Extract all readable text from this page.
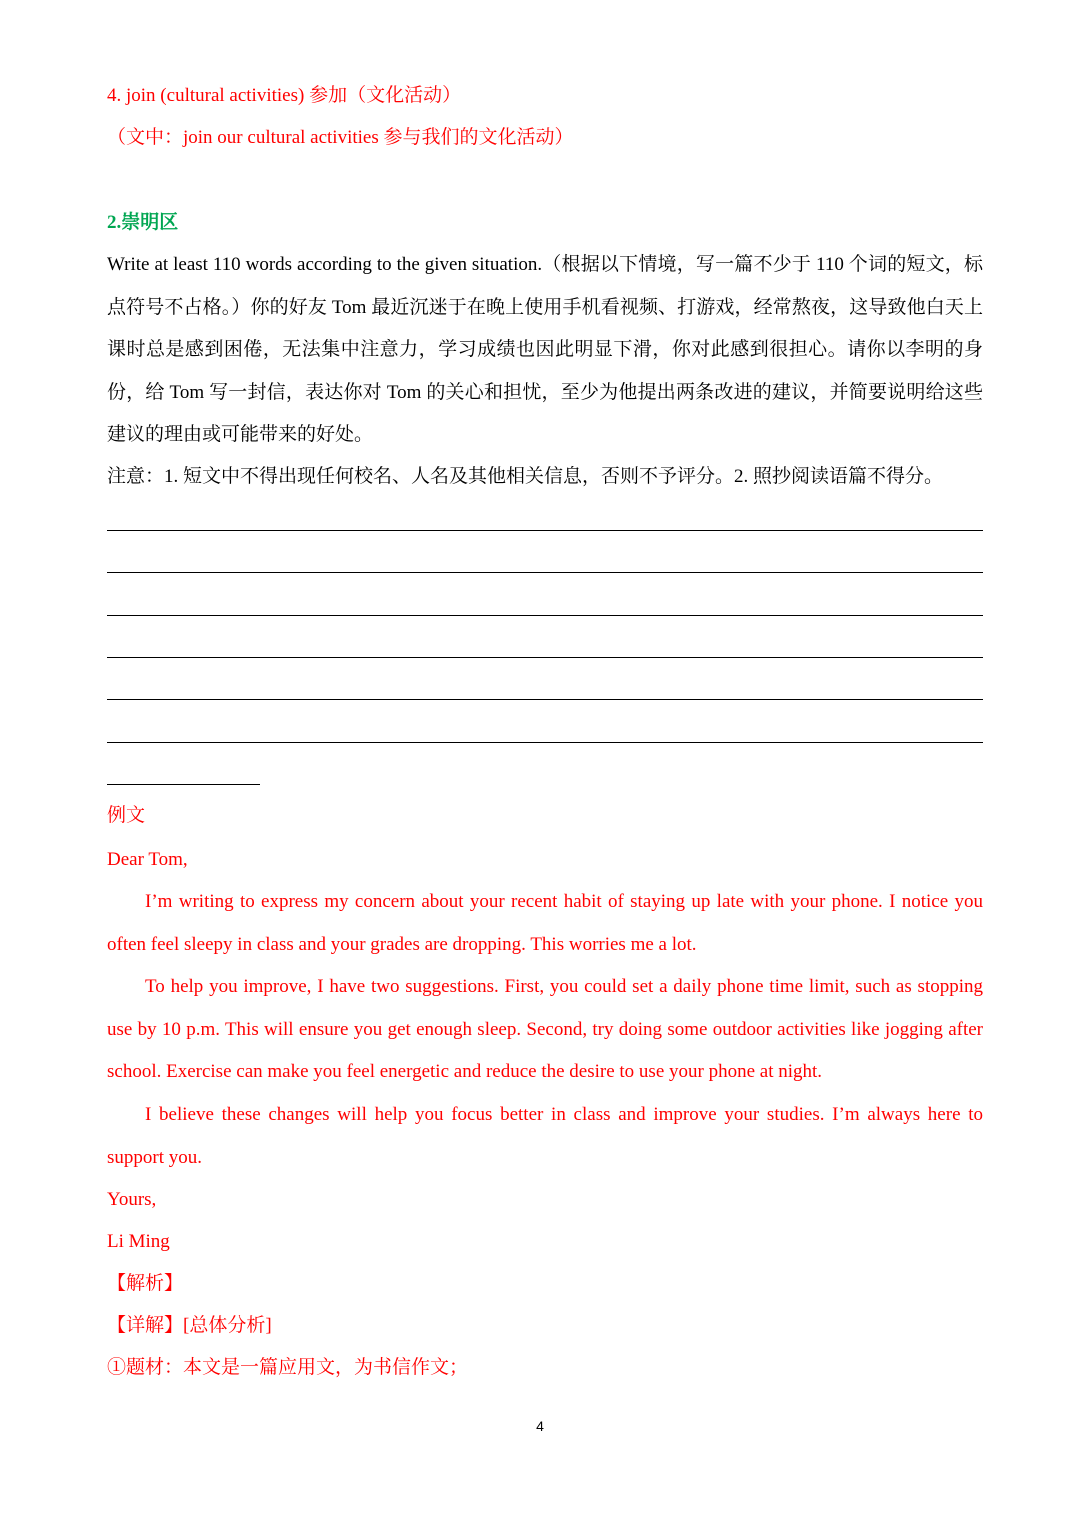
4. join (cultural activities) 参加（文化活动）
（文中：join our cultural activities 参与我们的文化活动）
2.崇明区
Write at least 110 words according to the given situation.（根据以下情境，写一篇不少于 110 个词的短文，标点符号不占格。）你的好友 Tom 最近沉迷于在晚上使用手机看视频、打游戏，经常熬夜，这导致他白天上课时总是感到困倦，无法集中注意力，学习成绩也因此明显下滑，你对此感到很担心。请你以李明的身份，给 Tom 写一封信，表达你对 Tom 的关心和担忧，至少为他提出两条改进的建议，并简要说明给这些建议的理由或可能带来的好处。
注意：1. 短文中不得出现任何校名、人名及其他相关信息，否则不予评分。2. 照抄阅读语篇不得分。
例文
Dear Tom,
I’m writing to express my concern about your recent habit of staying up late with your phone. I notice you often feel sleepy in class and your grades are dropping. This worries me a lot.
To help you improve, I have two suggestions. First, you could set a daily phone time limit, such as stopping use by 10 p.m. This will ensure you get enough sleep. Second, try doing some outdoor activities like jogging after school. Exercise can make you feel energetic and reduce the desire to use your phone at night.
I believe these changes will help you focus better in class and improve your studies. I’m always here to support you.
Yours,
Li Ming
【解析】
【详解】[总体分析]
①题材：本文是一篇应用文，为书信作文；
4
